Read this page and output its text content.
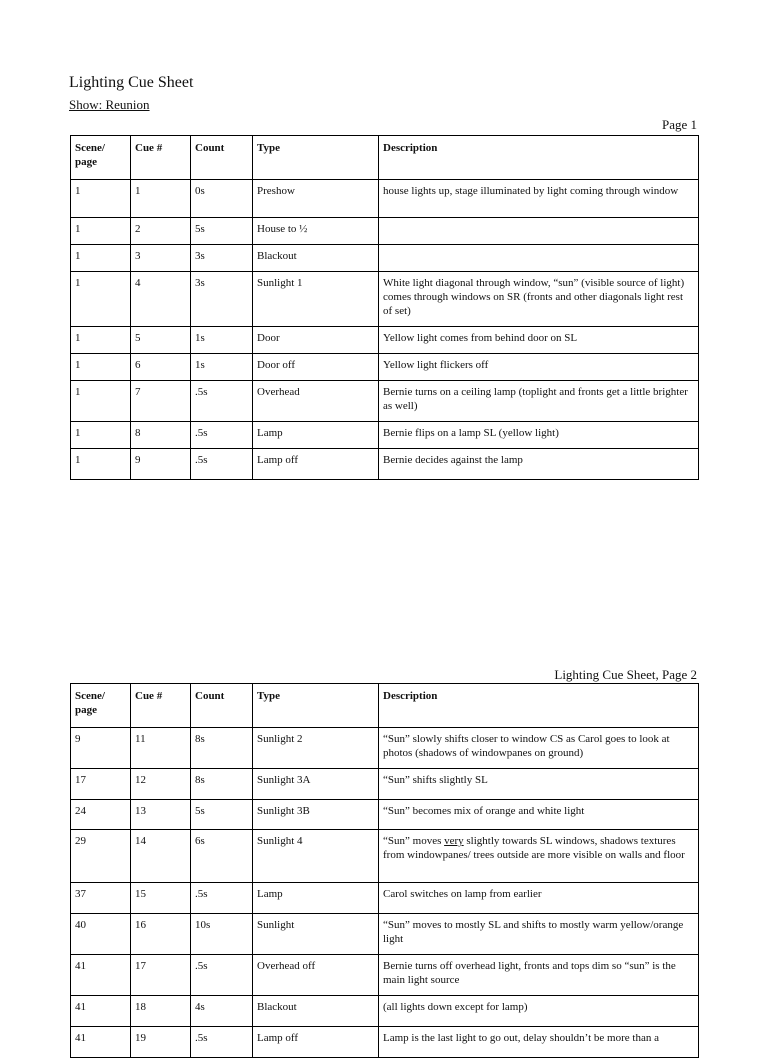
Lighting Cue Sheet
Show: Reunion
Page 1
Scene/ page	Cue #	Count	Type	Description
1	1	0s	Preshow	house lights up, stage illuminated by light coming through window
1	2	5s	House to ½	
1	3	3s	Blackout	
1	4	3s	Sunlight 1	White light diagonal through window, “sun” (visible source of light) comes through windows on SR (fronts and other diagonals light rest of set)
1	5	1s	Door	Yellow light comes from behind door on SL
1	6	1s	Door off	Yellow light flickers off
1	7	.5s	Overhead	Bernie turns on a ceiling lamp (toplight and fronts get a little brighter as well)
1	8	.5s	Lamp	Bernie flips on a lamp SL (yellow light)
1	9	.5s	Lamp off	Bernie decides against the lamp
Lighting Cue Sheet, Page 2
Scene/ page	Cue #	Count	Type	Description
9	11	8s	Sunlight 2	“Sun” slowly shifts closer to window CS as Carol goes to look at photos (shadows of windowpanes on ground)
17	12	8s	Sunlight 3A	“Sun” shifts slightly SL
24	13	5s	Sunlight 3B	“Sun” becomes mix of orange and white light
29	14	6s	Sunlight 4	“Sun” moves very slightly towards SL windows, shadows textures from windowpanes/ trees outside are more visible on walls and floor
37	15	.5s	Lamp	Carol switches on lamp from earlier
40	16	10s	Sunlight	“Sun” moves to mostly SL and shifts to mostly warm yellow/orange light
41	17	.5s	Overhead off	Bernie turns off overhead light, fronts and tops dim so “sun” is the main light source
41	18	4s	Blackout	(all lights down except for lamp)
41	19	.5s	Lamp off	Lamp is the last light to go out, delay shouldn’t be more than a
